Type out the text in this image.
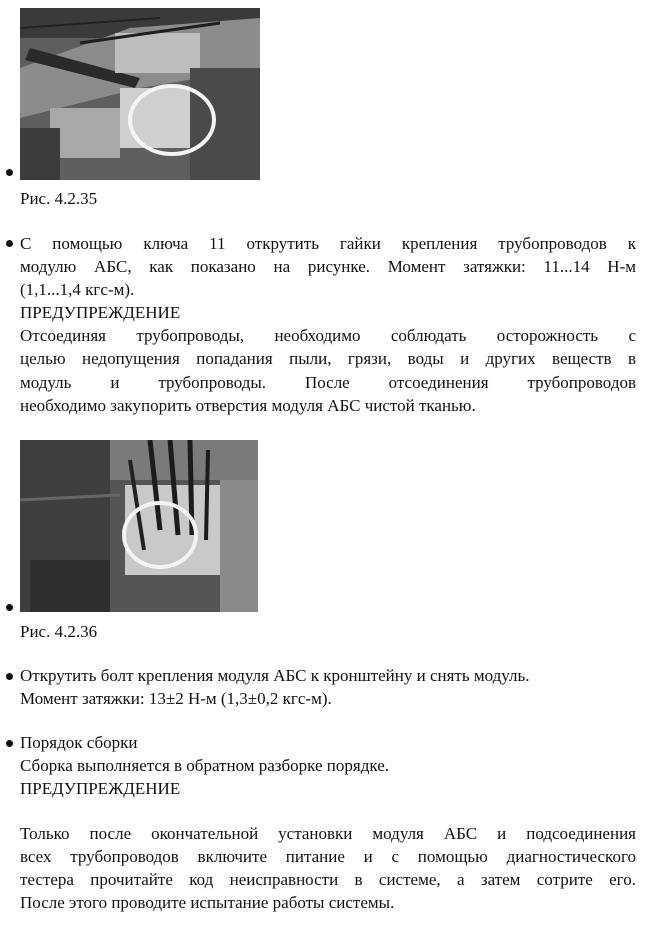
Рис. 4.2.35
С помощью ключа 11 открутить гайки крепления трубопроводов к
модулю АБС, как показано на рисунке. Момент затяжки: 11...14 Н-м
(1,1...1,4 кгс-м).
ПРЕДУПРЕЖДЕНИЕ
Отсоединяя трубопроводы, необходимо соблюдать осторожность с
целью недопущения попадания пыли, грязи, воды и других веществ в
модуль и трубопроводы. После отсоединения трубопроводов
необходимо закупорить отверстия модуля АБС чистой тканью.
Рис. 4.2.36
Открутить болт крепления модуля АБС к кронштейну и снять модуль.
Момент затяжки: 13±2 Н-м (1,3±0,2 кгс-м).
Порядок сборки
Сборка выполняется в обратном разборке порядке.
ПРЕДУПРЕЖДЕНИЕ
Только после окончательной установки модуля АБС и подсоединения
всех трубопроводов включите питание и с помощью диагностического
тестера прочитайте код неисправности в системе, а затем сотрите его.
После этого проводите испытание работы системы.
